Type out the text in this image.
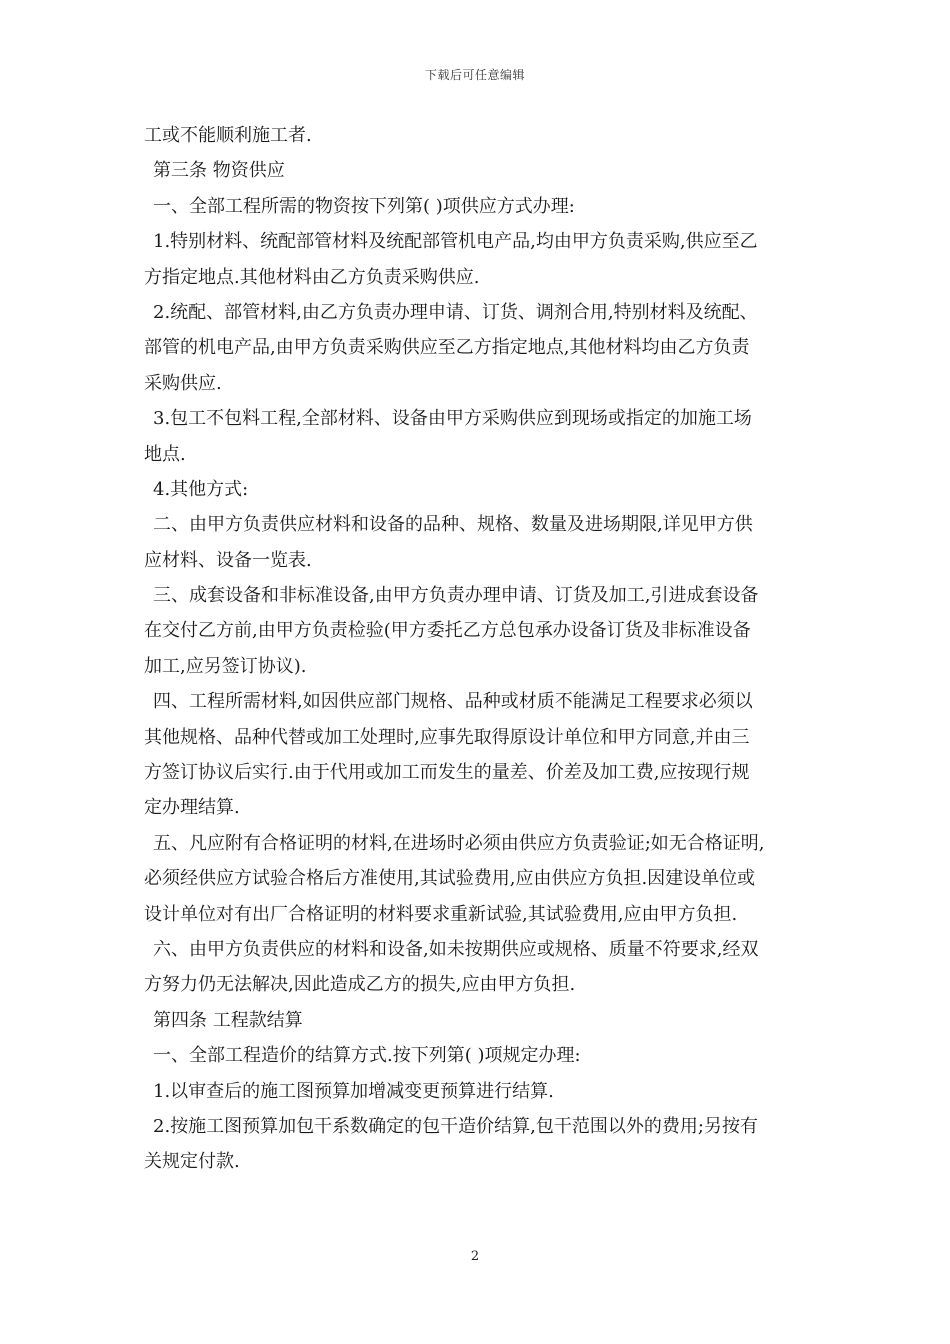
下载后可任意编辑
工或不能顺利施工者.
第三条 物资供应
一、全部工程所需的物资按下列第( )项供应方式办理:
1.特别材料、统配部管材料及统配部管机电产品,均由甲方负责采购,供应至乙
方指定地点.其他材料由乙方负责采购供应.
2.统配、部管材料,由乙方负责办理申请、订货、调剂合用,特别材料及统配、
部管的机电产品,由甲方负责采购供应至乙方指定地点,其他材料均由乙方负责
采购供应.
3.包工不包料工程,全部材料、设备由甲方采购供应到现场或指定的加施工场
地点.
4.其他方式:
二、由甲方负责供应材料和设备的品种、规格、数量及进场期限,详见甲方供
应材料、设备一览表.
三、成套设备和非标准设备,由甲方负责办理申请、订货及加工,引进成套设备
在交付乙方前,由甲方负责检验(甲方委托乙方总包承办设备订货及非标准设备
加工,应另签订协议).
四、工程所需材料,如因供应部门规格、品种或材质不能满足工程要求必须以
其他规格、品种代替或加工处理时,应事先取得原设计单位和甲方同意,并由三
方签订协议后实行.由于代用或加工而发生的量差、价差及加工费,应按现行规
定办理结算.
五、凡应附有合格证明的材料,在进场时必须由供应方负责验证;如无合格证明,
必须经供应方试验合格后方准使用,其试验费用,应由供应方负担.因建设单位或
设计单位对有出厂合格证明的材料要求重新试验,其试验费用,应由甲方负担.
六、由甲方负责供应的材料和设备,如未按期供应或规格、质量不符要求,经双
方努力仍无法解决,因此造成乙方的损失,应由甲方负担.
第四条 工程款结算
一、全部工程造价的结算方式.按下列第( )项规定办理:
1.以审查后的施工图预算加增减变更预算进行结算.
2.按施工图预算加包干系数确定的包干造价结算,包干范围以外的费用;另按有
关规定付款.
2
